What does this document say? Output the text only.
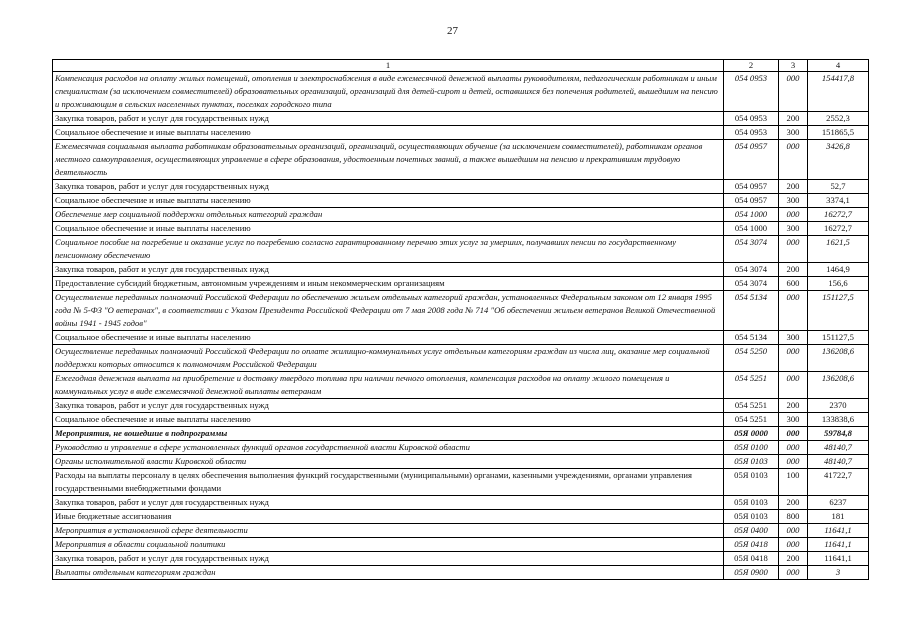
27
1	2	3	4
Компенсация расходов на оплату жилых помещений, отопления и электроснабжения в виде ежемесячной денежной выплаты руководителям, педагогическим работникам и иным специалистам (за исключением совместителей) образовательных организаций, организаций для детей-сирот и детей, оставшихся без попечения родителей, вышедшим на пенсию и проживающим в сельских населенных пунктах, поселках городского типа	054 0953	000	154417,8
Закупка товаров, работ и услуг для государственных нужд	054 0953	200	2552,3
Социальное обеспечение и иные выплаты населению	054 0953	300	151865,5
Ежемесячная социальная выплата работникам образовательных организаций, организаций, осуществляющих обучение (за исключением совместителей), работникам органов местного самоуправления, осуществляющих управление в сфере образования, удостоенным почетных званий, а также вышедшим на пенсию и прекратившим трудовую деятельность	054 0957	000	3426,8
Закупка товаров, работ и услуг для государственных нужд	054 0957	200	52,7
Социальное обеспечение и иные выплаты населению	054 0957	300	3374,1
Обеспечение мер социальной поддержки отдельных категорий граждан	054 1000	000	16272,7
Социальное обеспечение и иные выплаты населению	054 1000	300	16272,7
Социальное пособие на погребение и оказание услуг по погребению согласно гарантированному перечню этих услуг за умерших, получавших пенсии по государственному пенсионному обеспечению	054 3074	000	1621,5
Закупка товаров, работ и услуг для государственных нужд	054 3074	200	1464,9
Предоставление субсидий бюджетным, автономным учреждениям и иным некоммерческим организациям	054 3074	600	156,6
Осуществление переданных полномочий Российской Федерации по обеспечению жильем отдельных категорий граждан, установленных Федеральным законом от 12 января 1995 года № 5-ФЗ "О ветеранах", в соответствии с Указом Президента Российской Федерации от 7 мая 2008 года № 714 "Об обеспечении жильем ветеранов Великой Отечественной войны 1941 - 1945 годов"	054 5134	000	151127,5
Социальное обеспечение и иные выплаты населению	054 5134	300	151127,5
Осуществление переданных полномочий Российской Федерации по оплате жилищно-коммунальных услуг отдельным категориям граждан из числа лиц, оказание мер социальной поддержки которых относится к полномочиям Российской Федерации	054 5250	000	136208,6
Ежегодная денежная выплата на приобретение и доставку твердого топлива при наличии печного отопления, компенсация расходов на оплату жилого помещения и коммунальных услуг в виде ежемесячной денежной выплаты ветеранам	054 5251	000	136208,6
Закупка товаров, работ и услуг для государственных нужд	054 5251	200	2370
Социальное обеспечение и иные выплаты населению	054 5251	300	133838,6
Мероприятия, не вошедшие в подпрограммы	05Я 0000	000	59784,8
Руководство и управление в сфере установленных функций органов государственной власти Кировской области	05Я 0100	000	48140,7
Органы исполнительной власти Кировской области	05Я 0103	000	48140,7
Расходы на выплаты персоналу в целях обеспечения выполнения функций государственными (муниципальными) органами, казенными учреждениями, органами управления государственными внебюджетными фондами	05Я 0103	100	41722,7
Закупка товаров, работ и услуг для государственных нужд	05Я 0103	200	6237
Иные бюджетные ассигнования	05Я 0103	800	181
Мероприятия в установленной сфере деятельности	05Я 0400	000	11641,1
Мероприятия в области социальной политики	05Я 0418	000	11641,1
Закупка товаров, работ и услуг для государственных нужд	05Я 0418	200	11641,1
Выплаты отдельным категориям граждан	05Я 0900	000	3
